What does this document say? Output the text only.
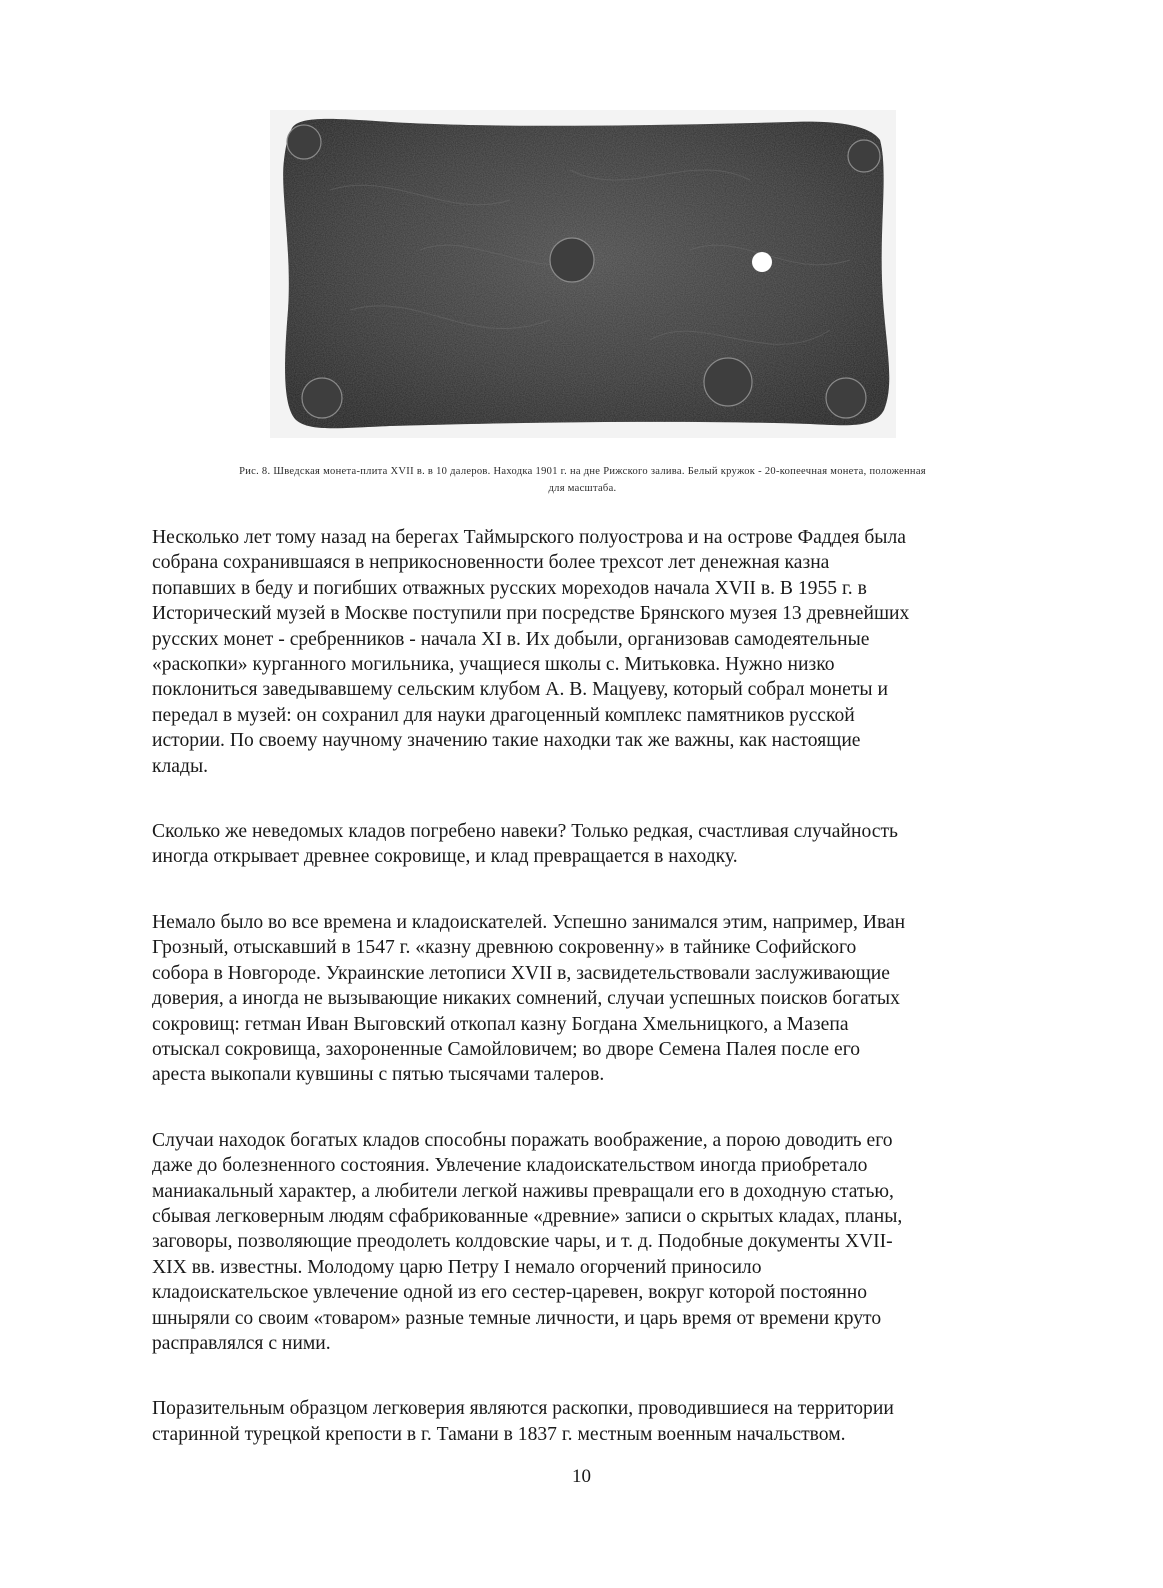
Рис. 8. Шведская монета-плита XVII в. в 10 далеров. Находка 1901 г. на дне Рижского залива. Белый кружок - 20-копеечная монета, положенная
для масштаба.

Несколько лет тому назад на берегах Таймырского полуострова и на острове Фаддея была
собрана сохранившаяся в неприкосновенности более трехсот лет денежная казна
попавших в беду и погибших отважных русских мореходов начала XVII в. В 1955 г. в
Исторический музей в Москве поступили при посредстве Брянского музея 13 древнейших
русских монет - сребренников - начала XI в. Их добыли, организовав самодеятельные
«раскопки» курганного могильника, учащиеся школы с. Митьковка. Нужно низко
поклониться заведывавшему сельским клубом А. В. Мацуеву, который собрал монеты и
передал в музей: он сохранил для науки драгоценный комплекс памятников русской
истории. По своему научному значению такие находки так же важны, как настоящие
клады.

Сколько же неведомых кладов погребено навеки? Только редкая, счастливая случайность
иногда открывает древнее сокровище, и клад превращается в находку.

Немало было во все времена и кладоискателей. Успешно занимался этим, например, Иван
Грозный, отыскавший в 1547 г. «казну древнюю сокровенну» в тайнике Софийского
собора в Новгороде. Украинские летописи XVII в, засвидетельствовали заслуживающие
доверия, а иногда не вызывающие никаких сомнений, случаи успешных поисков богатых
сокровищ: гетман Иван Выговский откопал казну Богдана Хмельницкого, а Мазепа
отыскал сокровища, захороненные Самойловичем; во дворе Семена Палея после его
ареста выкопали кувшины с пятью тысячами талеров.

Случаи находок богатых кладов способны поражать воображение, а порою доводить его
даже до болезненного состояния. Увлечение кладоискательством иногда приобретало
маниакальный характер, а любители легкой наживы превращали его в доходную статью,
сбывая легковерным людям сфабрикованные «древние» записи о скрытых кладах, планы,
заговоры, позволяющие преодолеть колдовские чары, и т. д. Подобные документы XVII-
XIX вв. известны. Молодому царю Петру I немало огорчений приносило
кладоискательское увлечение одной из его сестер-царевен, вокруг которой постоянно
шныряли со своим «товаром» разные темные личности, и царь время от времени круто
расправлялся с ними.

Поразительным образцом легковерия являются раскопки, проводившиеся на территории
старинной турецкой крепости в г. Тамани в 1837 г. местным военным начальством.

10
